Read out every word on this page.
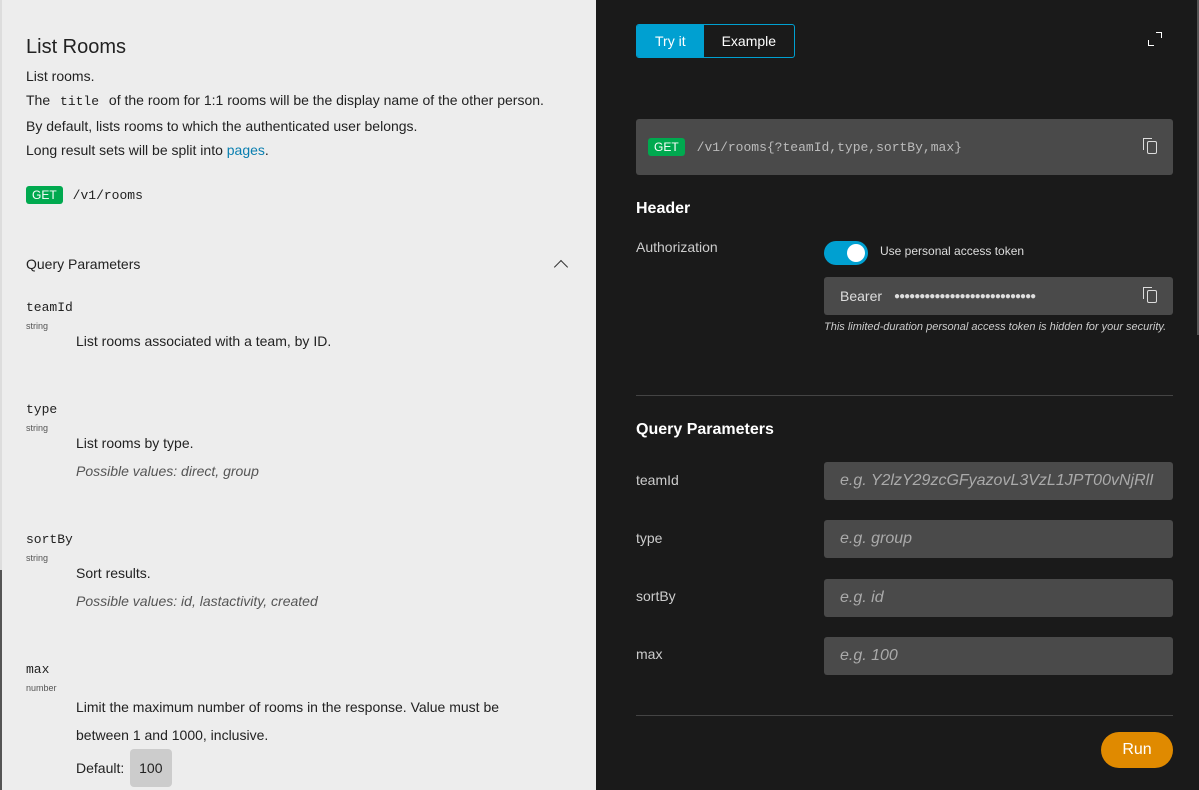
List Rooms
List rooms.
The title of the room for 1:1 rooms will be the display name of the other person.
By default, lists rooms to which the authenticated user belongs.
Long result sets will be split into pages.
GET	/v1/rooms
Query Parameters
teamId
string
List rooms associated with a team, by ID.
type
string
List rooms by type.
Possible values: direct, group
sortBy
string
Sort results.
Possible values: id, lastactivity, created
max
number
Limit the maximum number of rooms in the response. Value must be between 1 and 1000, inclusive.
Default: 100
Try it	Example
GET	/v1/rooms{?teamId,type,sortBy,max}
Header
Authorization	Use personal access token
Bearer ●●●●●●●●●●●●●●●●●●●●●●●●●●●●
This limited-duration personal access token is hidden for your security.
Query Parameters
teamId
e.g. Y2lzY29zcGFyazovL3VzL1JPT00vNjRlI
type
e.g. group
sortBy
e.g. id
max
e.g. 100
Run
